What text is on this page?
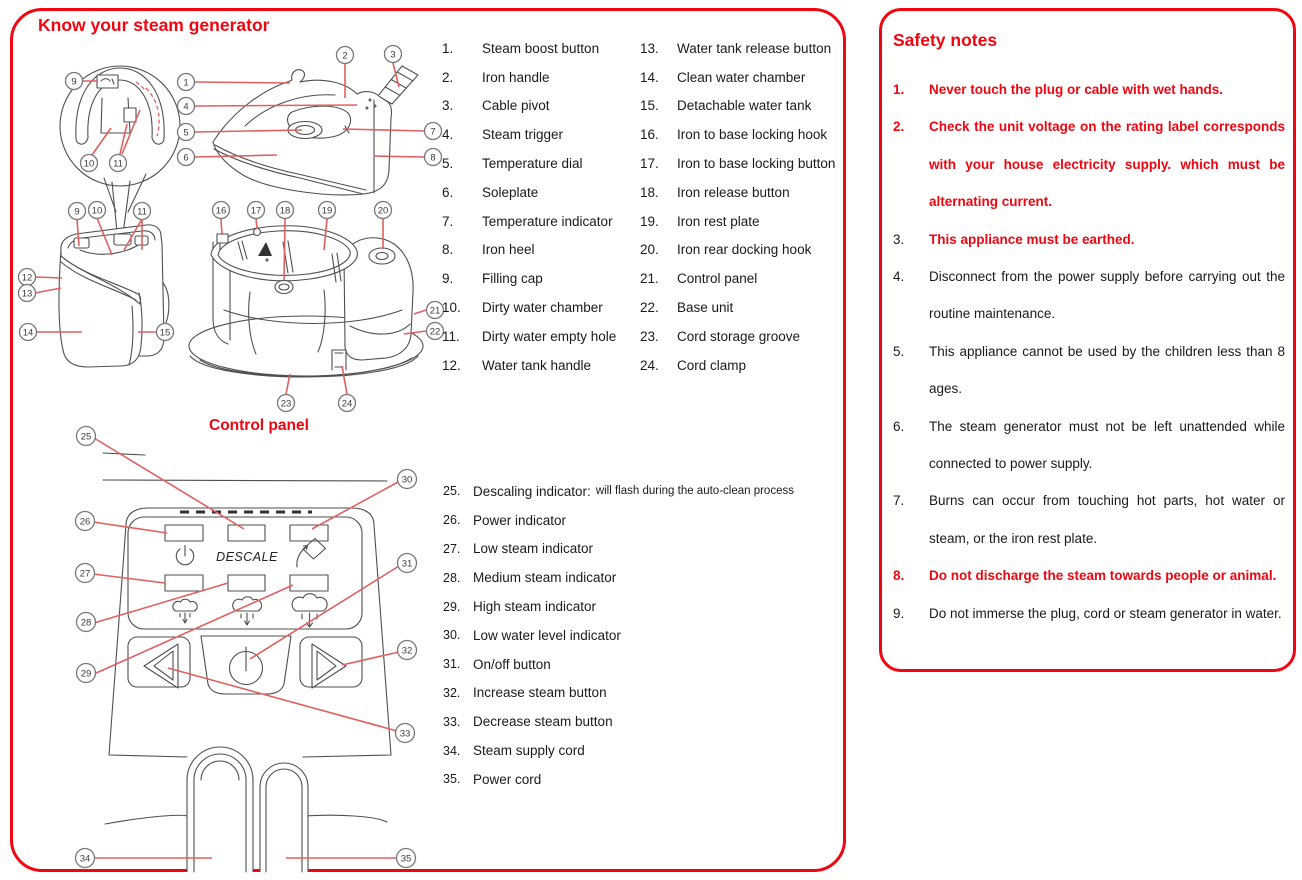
Know your steam generator
Control panel
9
10 11
1
2	3
4
5
6
7
8
9 10	11
12
13
14	15
16	17 18	19	20
21
22
23	24
DESCALE
25
26
27
28
29
30
31
32
33
34	35
1.	Steam boost button
2.	Iron handle
3.	Cable pivot
4.	Steam trigger
5.	Temperature dial
6.	Soleplate
7.	Temperature indicator
8.	Iron heel
9.	Filling cap
10.	Dirty water chamber
11.	Dirty water empty hole
12.	Water tank handle
13.	Water tank release button
14.	Clean water chamber
15.	Detachable water tank
16.	Iron to base locking hook
17.	Iron to base locking button
18.	Iron release button
19.	Iron rest plate
20.	Iron rear docking hook
21.	Control panel
22.	Base unit
23.	Cord storage groove
24.	Cord clamp
25. Descaling indicator: will flash during the auto-clean process
26. Power indicator
27. Low steam indicator
28. Medium steam indicator
29. High steam indicator
30. Low water level indicator
31. On/off button
32. Increase steam button
33. Decrease steam button
34. Steam supply cord
35. Power cord
Safety notes
1.	Never touch the plug or cable with wet hands.
2.	Check the unit voltage on the rating label corresponds with your house electricity supply. which must be alternating current.
3.	This appliance must be earthed.
4.	Disconnect from the power supply before carrying out the routine maintenance.
5.	This appliance cannot be used by the children less than 8 ages.
6.	The steam generator must not be left unattended while connected to power supply.
7.	Burns can occur from touching hot parts, hot water or steam, or the iron rest plate.
8.	Do not discharge the steam towards people or animal.
9.	Do not immerse the plug, cord or steam generator in water.
